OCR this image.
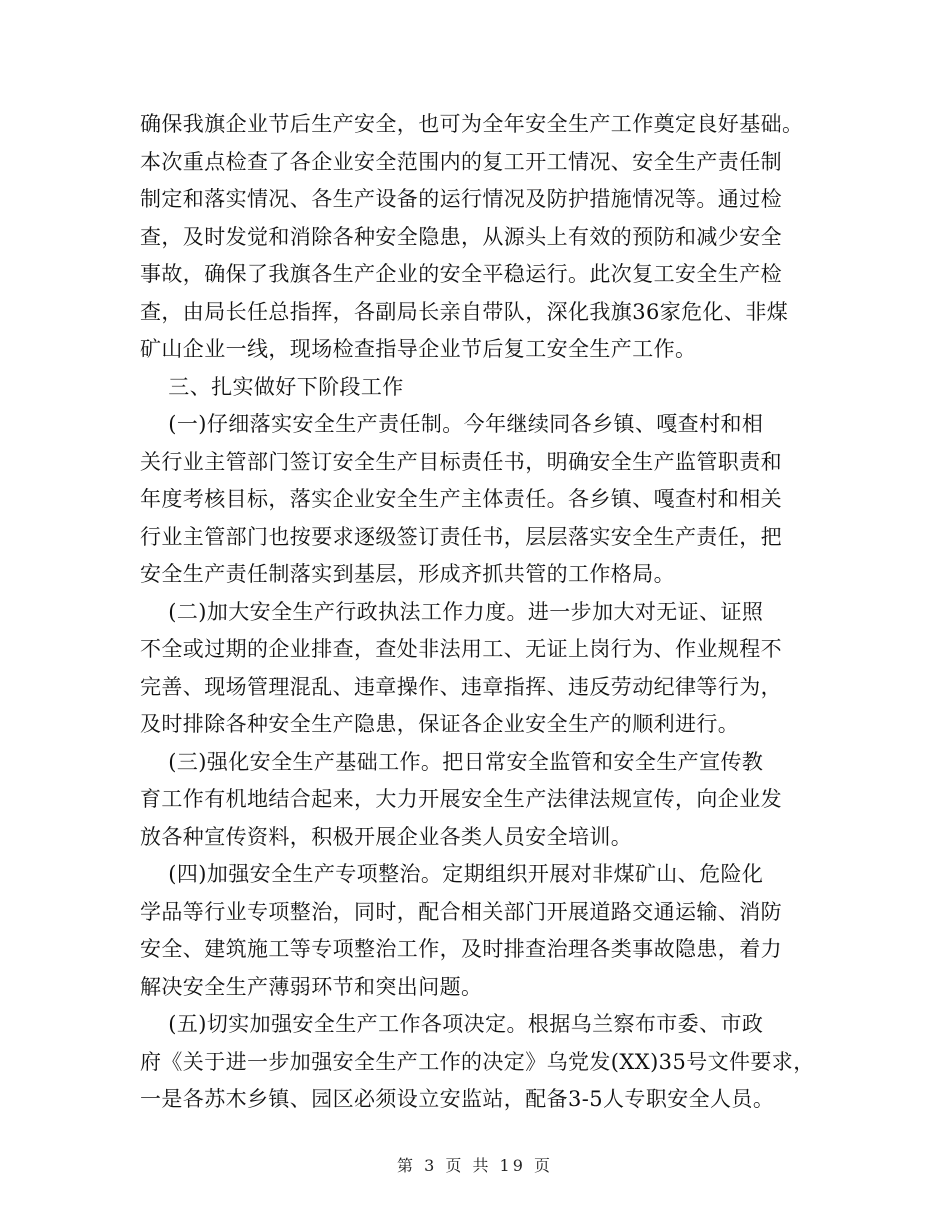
确保我旗企业节后生产安全，也可为全年安全生产工作奠定良好基础。
本次重点检查了各企业安全范围内的复工开工情况、安全生产责任制
制定和落实情况、各生产设备的运行情况及防护措施情况等。通过检
查，及时发觉和消除各种安全隐患，从源头上有效的预防和减少安全
事故，确保了我旗各生产企业的安全平稳运行。此次复工安全生产检
查，由局长任总指挥，各副局长亲自带队，深化我旗36家危化、非煤
矿山企业一线，现场检查指导企业节后复工安全生产工作。
三、扎实做好下阶段工作
(一)仔细落实安全生产责任制。今年继续同各乡镇、嘎查村和相
关行业主管部门签订安全生产目标责任书，明确安全生产监管职责和
年度考核目标，落实企业安全生产主体责任。各乡镇、嘎查村和相关
行业主管部门也按要求逐级签订责任书，层层落实安全生产责任，把
安全生产责任制落实到基层，形成齐抓共管的工作格局。
(二)加大安全生产行政执法工作力度。进一步加大对无证、证照
不全或过期的企业排查，查处非法用工、无证上岗行为、作业规程不
完善、现场管理混乱、违章操作、违章指挥、违反劳动纪律等行为，
及时排除各种安全生产隐患，保证各企业安全生产的顺利进行。
(三)强化安全生产基础工作。把日常安全监管和安全生产宣传教
育工作有机地结合起来，大力开展安全生产法律法规宣传，向企业发
放各种宣传资料，积极开展企业各类人员安全培训。
(四)加强安全生产专项整治。定期组织开展对非煤矿山、危险化
学品等行业专项整治，同时，配合相关部门开展道路交通运输、消防
安全、建筑施工等专项整治工作，及时排查治理各类事故隐患，着力
解决安全生产薄弱环节和突出问题。
(五)切实加强安全生产工作各项决定。根据乌兰察布市委、市政
府《关于进一步加强安全生产工作的决定》乌党发(XX)35号文件要求，
一是各苏木乡镇、园区必须设立安监站，配备3-5人专职安全人员。
第 3 页 共 19 页
